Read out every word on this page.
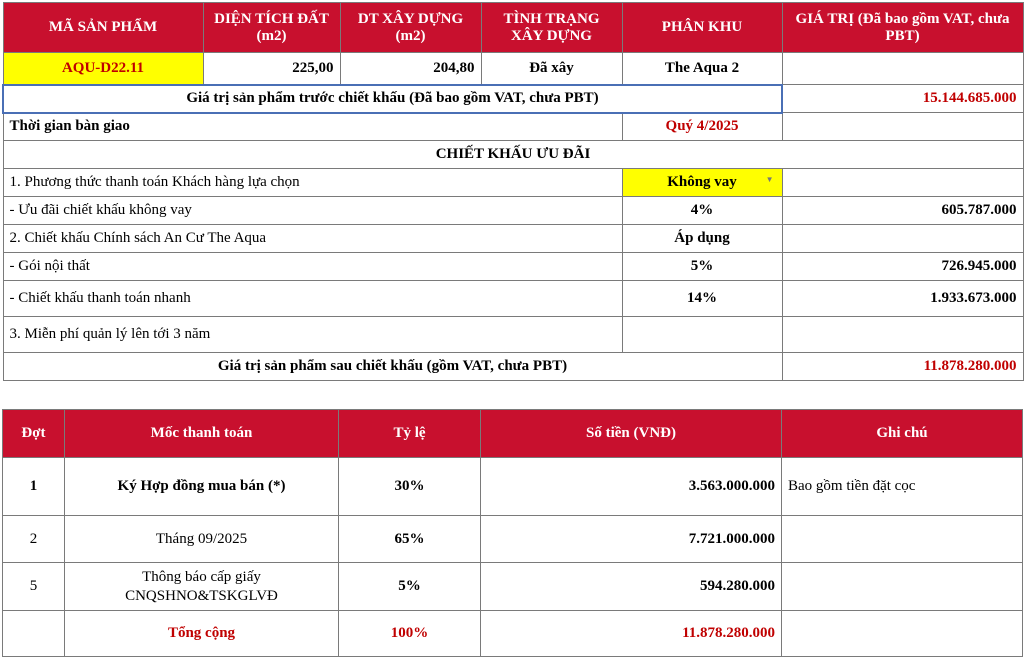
MÃ SẢN PHẨM	DIỆN TÍCH ĐẤT (m2)	DT XÂY DỰNG (m2)	TÌNH TRẠNG XÂY DỰNG	PHÂN KHU	GIÁ TRỊ (Đã bao gồm VAT, chưa PBT)
AQU-D22.11	225,00	204,80	Đã xây	The Aqua 2	
Giá trị sản phẩm trước chiết khấu (Đã bao gồm VAT, chưa PBT)					15.144.685.000
Thời gian bàn giao				Quý 4/2025	
CHIẾT KHẤU ƯU ĐÃI					
1. Phương thức thanh toán Khách hàng lựa chọn				Không vay ▼	

- Ưu đãi chiết khấu không vay				4%	605.787.000
2. Chiết khấu Chính sách An Cư The Aqua				Áp dụng	
- Gói nội thất				5%	726.945.000
- Chiết khấu thanh toán nhanh				14%	1.933.673.000
3. Miễn phí quản lý lên tới 3 năm					
Giá trị sản phẩm sau chiết khấu (gồm VAT, chưa PBT)					11.878.280.000
Đợt	Mốc thanh toán	Tỷ lệ	Số tiền (VNĐ)	Ghi chú
1	Ký Hợp đồng mua bán (*)	30%	3.563.000.000	Bao gồm tiền đặt cọc
2	Tháng 09/2025	65%	7.721.000.000	
5	Thông báo cấp giấy CNQSHNO&TSKGLVĐ	5%	594.280.000	
	Tổng cộng	100%	11.878.280.000	
